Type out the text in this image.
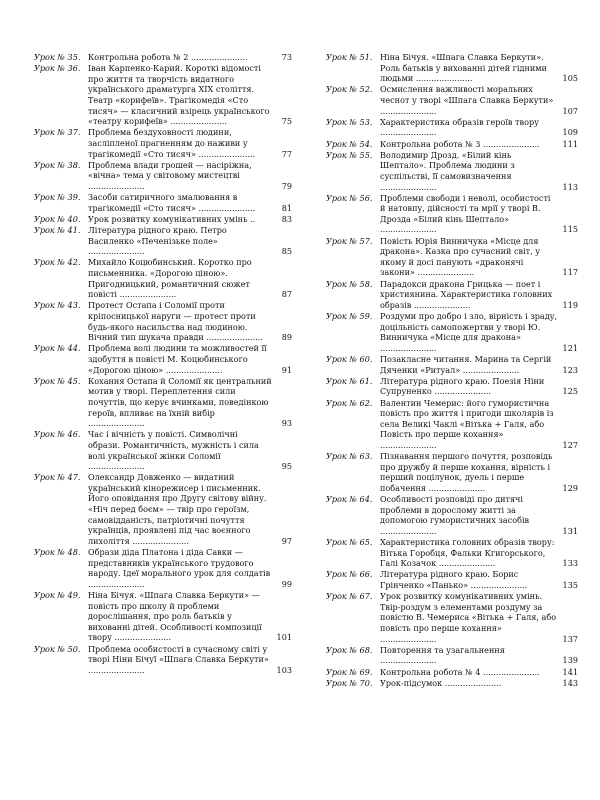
Урок № 35. Контрольна робота № 2 ......................	73
Урок № 36. Іван Карпенко-Карий. Короткі відомості про життя та творчість видатного українського драматурга XIX століття. Театр «корифеїв». Трагікомедія «Сто тисяч» — класичний взірець українського «театру корифеїв» ......................	75
Урок № 37. Проблема бездуховності людини, засліпленої прагненням до наживи у трагікомедії «Сто тисяч» ......................	77
Урок № 38. Проблема влади грошей — насіріжна, «вічна» тема у світовому мистецтві ......................	79
Урок № 39. Засоби сатиричного змалювання в трагікомедії «Сто тисяч» ......................	81
Урок № 40. Урок розвитку комунікативних умінь ..	83
Урок № 41. Література рідного краю. Петро Василенко «Печенізьке поле» ......................	85
Урок № 42. Михайло Коцюбинський. Коротко про письменника. «Дорогою ціною». Пригодницький, романтичний сюжет повісті ......................	87
Урок № 43. Протест Остапа і Соломії проти кріпосницької наруги — протест проти будь-якого насильства над людиною. Вічний тип шукача правди ......................	89
Урок № 44. Проблема волі людини та можливостей її здобуття в повісті М. Коцюбинського «Дорогою ціною» ......................	91
Урок № 45. Кохання Остапа й Соломії як центральний мотив у творі. Переплетення сили почуттів, що керує вчинками, поведінкою героїв, впливає на їхній вибір ......................	93
Урок № 46. Час і вічність у повісті. Символічні образи. Романтичність, мужність і сила волі української жінки Соломії ......................	95
Урок № 47. Олександр Довженко — видатний український кінорежисер і письменник. Його оповідання про Другу світову війну. «Ніч перед боєм» — твір про героїзм, самовідданість, патріотичні почуття українців, проявлені під час воєнного лихоліття ......................	97
Урок № 48. Образи діда Платона і діда Савки — представників українського трудового народу. Ідеї морального урок для солдатів ......................	99
Урок № 49. Ніна Бічуя. «Шпага Славка Беркути» — повість про школу й проблеми дорослішання, про роль батьків у вихованні дітей. Особливості композиції твору ......................	101
Урок № 50. Проблема особистості в сучасному світі у творі Ніни Бічуї «Шпага Славка Беркути» ......................	103
Урок № 51. Ніна Бічуя. «Шпага Славка Беркути». Роль батьків у вихованні дітей гідними людьми ......................	105
Урок № 52. Осмислення важливості моральних чеснот у творі «Шпага Славка Беркути» ......................	107
Урок № 53. Характеристика образів героїв твору ......................	109
Урок № 54. Контрольна робота № 3 ......................	111
Урок № 55. Володимир Дрозд. «Білий кінь Шептало». Проблема людини з суспільстві, її самовизначення ......................	113
Урок № 56. Проблеми свободи і неволі, особистості й натовпу, дійсності та мрії у творі В. Дрозда «Білий кінь Шептало» ......................	115
Урок № 57. Повість Юрія Винничука «Місце для дракона». Казка про сучасний світ, у якому й досі панують «драконячі закони» ......................	117
Урок № 58. Парадокси дракона Грицька — поет і християнина. Характеристика головних образів ......................	119
Урок № 59. Роздуми про добро і зло, вірність і зраду, доцільність самопожертви у творі Ю. Винничука «Місце для дракона» ......................	121
Урок № 60. Позакласне читання. Марина та Сергій Дяченки «Ритуал» ......................	123
Урок № 61. Література рідного краю. Поезія Ніни Супруненко ......................	125
Урок № 62. Валентин Чемерис: його гумористична повість про життя і пригоди школярів із села Великі Чаклі «Вітька + Галя, або Повість про перше кохання» ......................	127
Урок № 63. Пізнавання першого почуття, розповідь про дружбу й перше кохання, вірність і перший поцілунок, дуель і перше побачення ......................	129
Урок № 64. Особливості розповіді про дитячі проблеми в дорослому житті за допомогою гумористичних засобів ......................	131
Урок № 65. Характеристика головних образів твору: Вітька Горобця, Фальки Кгигорського, Галі Козачок ......................	133
Урок № 66. Література рідного краю. Борис Грінченко «Панько» ......................	135
Урок № 67. Урок розвитку комунікативних умінь. Твір-роздум з елементами роздуму за повістю В. Чемериса «Вітька + Галя, або повість про перше кохання» ......................	137
Урок № 68. Повторення та узагальнення ......................	139
Урок № 69. Контрольна робота № 4 ......................	141
Урок № 70. Урок-підсумок ......................	143
